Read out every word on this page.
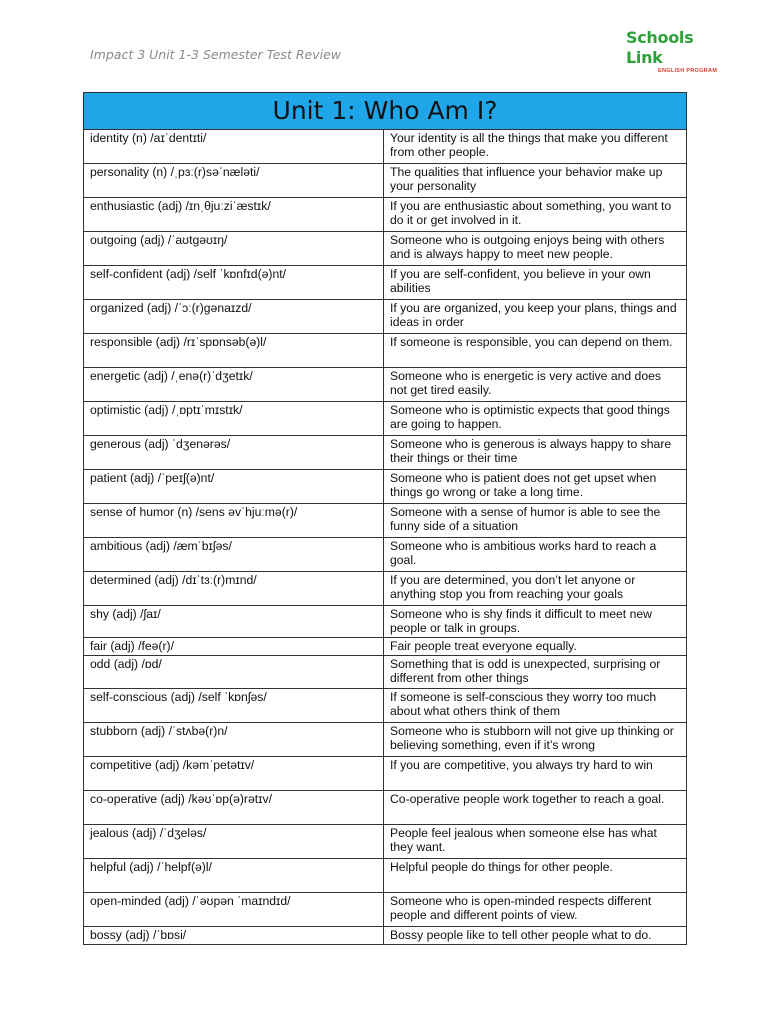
Impact 3 Unit 1-3 Semester Test Review
Schools Link
ENGLISH PROGRAM
Unit 1: Who Am I?	
identity (n) /aɪˈdentɪti/	Your identity is all the things that make you different from other people.
personality (n) /ˌpɜː(r)səˈnæləti/	The qualities that influence your behavior make up your personality
enthusiastic (adj) /ɪnˌθjuːziˈæstɪk/	If you are enthusiastic about something, you want to do it or get involved in it.
outgoing (adj) /ˈaʊtɡəʊɪŋ/	Someone who is outgoing enjoys being with others and is always happy to meet new people.
self-confident (adj) /self ˈkɒnfɪd(ə)nt/	If you are self-confident, you believe in your own abilities
organized (adj) /ˈɔː(r)ɡənaɪzd/	If you are organized, you keep your plans, things and ideas in order
responsible (adj) /rɪˈspɒnsəb(ə)l/	If someone is responsible, you can depend on them.
energetic (adj) /ˌenə(r)ˈdʒetɪk/	Someone who is energetic is very active and does not get tired easily.
optimistic (adj) /ˌɒptɪˈmɪstɪk/	Someone who is optimistic expects that good things are going to happen.
generous (adj) ˈdʒenərəs/	Someone who is generous is always happy to share their things or their time
patient (adj) /ˈpeɪʃ(ə)nt/	Someone who is patient does not get upset when things go wrong or take a long time.
sense of humor (n) /sens əvˈhjuːmə(r)/	Someone with a sense of humor is able to see the funny side of a situation
ambitious (adj) /æmˈbɪʃəs/	Someone who is ambitious works hard to reach a goal.
determined (adj) /dɪˈtɜː(r)mɪnd/	If you are determined, you don’t let anyone or anything stop you from reaching your goals
shy (adj) /ʃaɪ/	Someone who is shy finds it difficult to meet new people or talk in groups.
fair (adj) /feə(r)/	Fair people treat everyone equally.
odd (adj) /ɒd/	Something that is odd is unexpected, surprising or different from other things
self-conscious (adj) /self ˈkɒnʃəs/	If someone is self-conscious they worry too much about what others think of them
stubborn (adj) /ˈstʌbə(r)n/	Someone who is stubborn will not give up thinking or believing something, even if it’s wrong
competitive (adj) /kəmˈpetətɪv/	If you are competitive, you always try hard to win
co-operative (adj) /kəʊˈɒp(ə)rətɪv/	Co-operative people work together to reach a goal.
jealous (adj) /ˈdʒeləs/	People feel jealous when someone else has what they want.
helpful (adj) /ˈhelpf(ə)l/	Helpful people do things for other people.
open-minded (adj) /ˈəʊpən ˈmaɪndɪd/	Someone who is open-minded respects different people and different points of view.
bossy (adj) /ˈbɒsi/	Bossy people like to tell other people what to do.
